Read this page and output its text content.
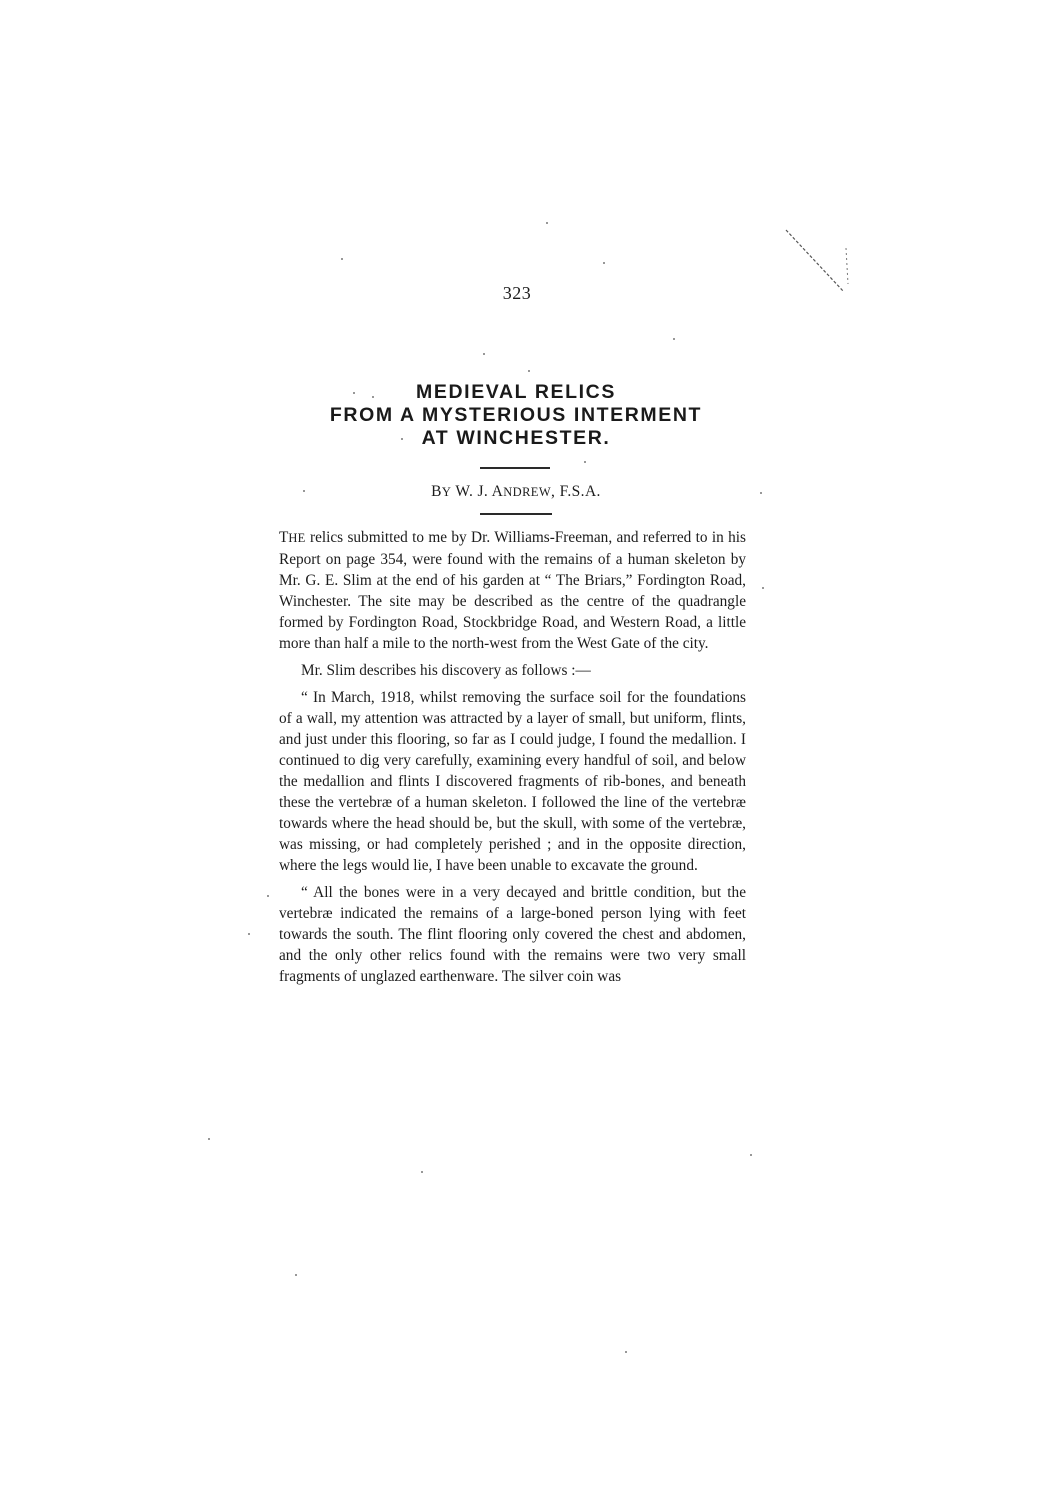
323
MEDIEVAL RELICS
FROM A MYSTERIOUS INTERMENT
AT WINCHESTER.
BY W. J. ANDREW, F.S.A.

THE relics submitted to me by Dr. Williams-Freeman, and referred to in his Report on page 354, were found with the remains of a human skeleton by Mr. G. E. Slim at the end of his garden at “ The Briars,” Fordington Road, Winchester. The site may be described as the centre of the quadrangle formed by Fordington Road, Stockbridge Road, and Western Road, a little more than half a mile to the north-west from the West Gate of the city.

Mr. Slim describes his discovery as follows :—

“ In March, 1918, whilst removing the surface soil for the foundations of a wall, my attention was attracted by a layer of small, but uniform, flints, and just under this flooring, so far as I could judge, I found the medallion. I continued to dig very carefully, examining every handful of soil, and below the medallion and flints I discovered fragments of rib-bones, and beneath these the vertebræ of a human skeleton. I followed the line of the vertebræ towards where the head should be, but the skull, with some of the vertebræ, was missing, or had completely perished ; and in the opposite direction, where the legs would lie, I have been unable to excavate the ground.

“ All the bones were in a very decayed and brittle condition, but the vertebræ indicated the remains of a large-boned person lying with feet towards the south. The flint flooring only covered the chest and abdomen, and the only other relics found with the remains were two very small fragments of unglazed earthenware. The silver coin was
